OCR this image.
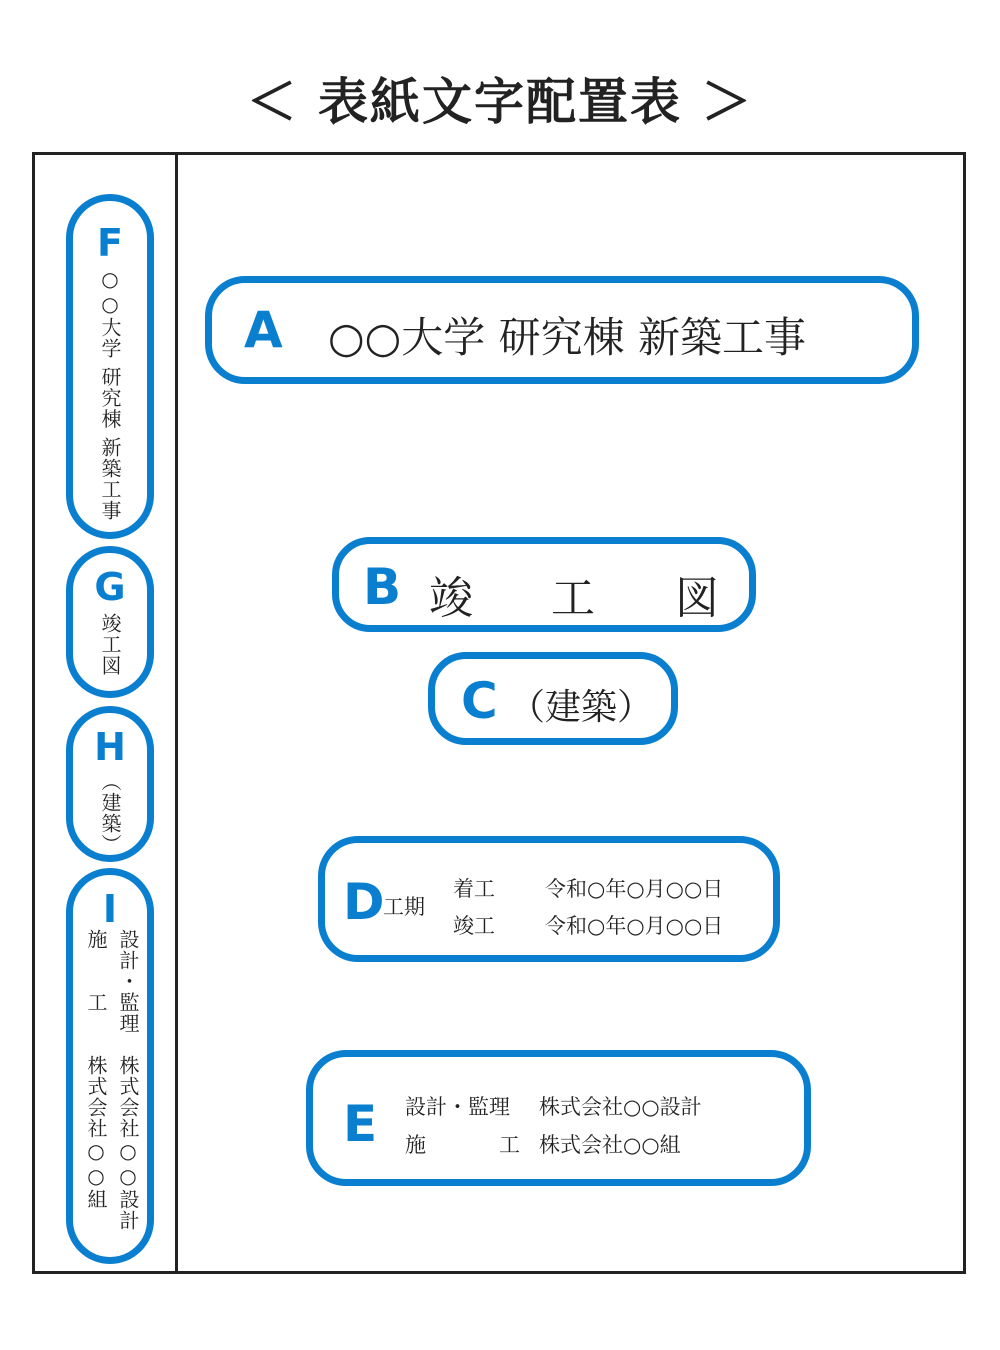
＜ 表紙文字配置表 ＞
F
○○大学 研究棟 新築工事
G
竣工図
H
（建築）
I
設計・監理　株式会社○○設計
施　　工　　株式会社○○組
A ○○大学 研究棟 新築工事
B 竣 工 図
C （建築）
D
工期
着工 令和○年○月○○日
竣工 令和○年○月○○日
E 設計・監理 株式会社○○設計
施	工 株式会社○○組
